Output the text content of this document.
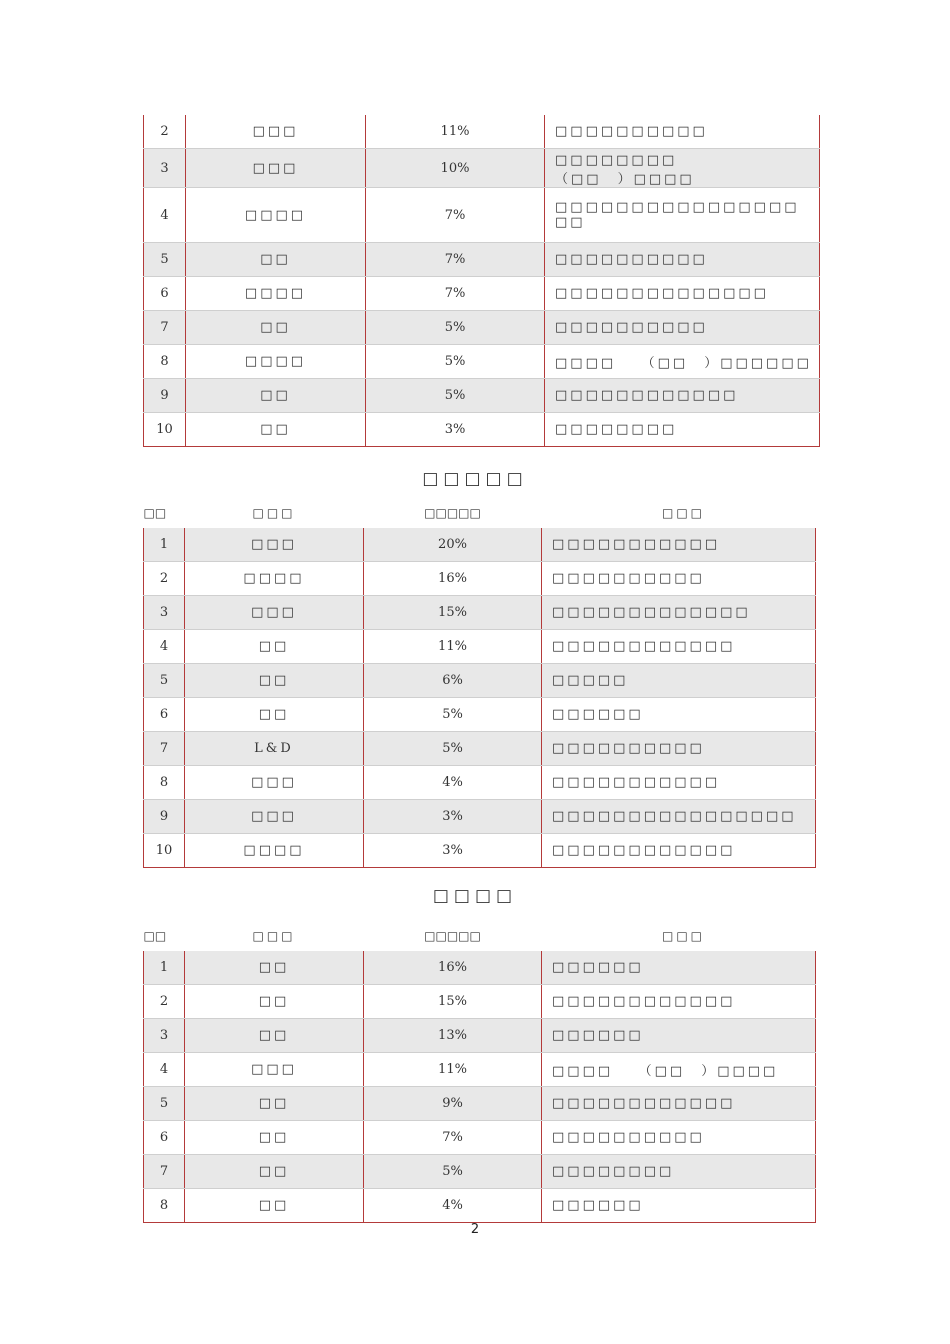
2	□□□	11%	□□□□□□□□□□
3	□□□	10%	□□□□□□□□　　　　　（□□　）□□□□
4	□□□□	7%	□□□□□□□□□□□□□□□□ □□
5	□□	7%	□□□□□□□□□□
6	□□□□	7%	□□□□□□□□□□□□□□
7	□□	5%	□□□□□□□□□□
8	□□□□	5%	□□□□　　（□□　）□□□□□□
9	□□	5%	□□□□□□□□□□□□
10	□□	3%	□□□□□□□□
□□□□□
□□	□□□	□□□□□	□□□
1	□□□	20%	□□□□□□□□□□□
2	□□□□	16%	□□□□□□□□□□
3	□□□	15%	□□□□□□□□□□□□□
4	□□	11%	□□□□□□□□□□□□
5	□□	6%	□□□□□
6	□□	5%	□□□□□□
7	L&D	5%	□□□□□□□□□□
8	□□□	4%	□□□□□□□□□□□
9	□□□	3%	□□□□□□□□□□□□□□□□
10	□□□□	3%	□□□□□□□□□□□□
□□□□
□□	□□□	□□□□□	□□□
1	□□	16%	□□□□□□
2	□□	15%	□□□□□□□□□□□□
3	□□	13%	□□□□□□
4	□□□	11%	□□□□　　（□□　）□□□□
5	□□	9%	□□□□□□□□□□□□
6	□□	7%	□□□□□□□□□□
7	□□	5%	□□□□□□□□
8	□□	4%	□□□□□□
2
